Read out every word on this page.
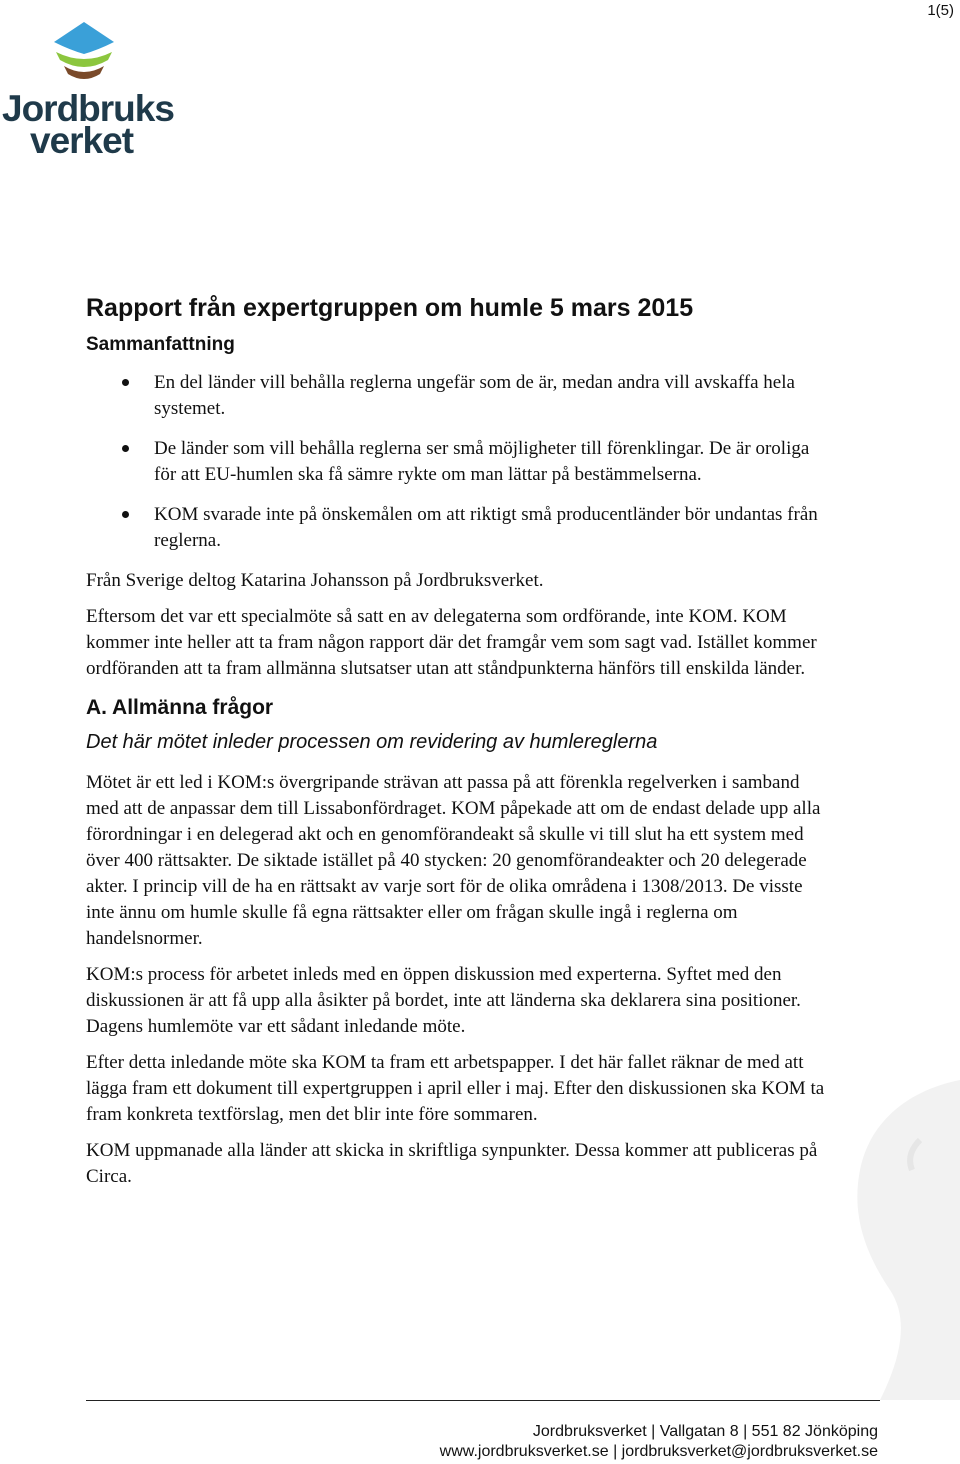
1(5)
Jordbruks
verket
Rapport från expertgruppen om humle 5 mars 2015
Sammanfattning
En del länder vill behålla reglerna ungefär som de är, medan andra vill avskaffa hela systemet.
De länder som vill behålla reglerna ser små möjligheter till förenklingar. De är oroliga för att EU-humlen ska få sämre rykte om man lättar på bestämmelserna.
KOM svarade inte på önskemålen om att riktigt små producentländer bör undantas från reglerna.

Från Sverige deltog Katarina Johansson på Jordbruksverket.

Eftersom det var ett specialmöte så satt en av delegaterna som ordförande, inte KOM. KOM kommer inte heller att ta fram någon rapport där det framgår vem som sagt vad. Istället kommer ordföranden att ta fram allmänna slutsatser utan att ståndpunkterna hänförs till enskilda länder.

A. Allmänna frågor
Det här mötet inleder processen om revidering av humlereglerna

Mötet är ett led i KOM:s övergripande strävan att passa på att förenkla regelverken i samband med att de anpassar dem till Lissabonfördraget. KOM påpekade att om de endast delade upp alla förordningar i en delegerad akt och en genomförandeakt så skulle vi till slut ha ett system med över 400 rättsakter. De siktade istället på 40 stycken: 20 genomförandeakter och 20 delegerade akter. I princip vill de ha en rättsakt av varje sort för de olika områdena i 1308/2013. De visste inte ännu om humle skulle få egna rättsakter eller om frågan skulle ingå i reglerna om handelsnormer.

KOM:s process för arbetet inleds med en öppen diskussion med experterna. Syftet med den diskussionen är att få upp alla åsikter på bordet, inte att länderna ska deklarera sina positioner. Dagens humlemöte var ett sådant inledande möte.

Efter detta inledande möte ska KOM ta fram ett arbetspapper. I det här fallet räknar de med att lägga fram ett dokument till expertgruppen i april eller i maj. Efter den diskussionen ska KOM ta fram konkreta textförslag, men det blir inte före sommaren.

KOM uppmanade alla länder att skicka in skriftliga synpunkter. Dessa kommer att publiceras på Circa.

Jordbruksverket | Vallgatan 8 | 551 82 Jönköping
www.jordbruksverket.se | jordbruksverket@jordbruksverket.se
